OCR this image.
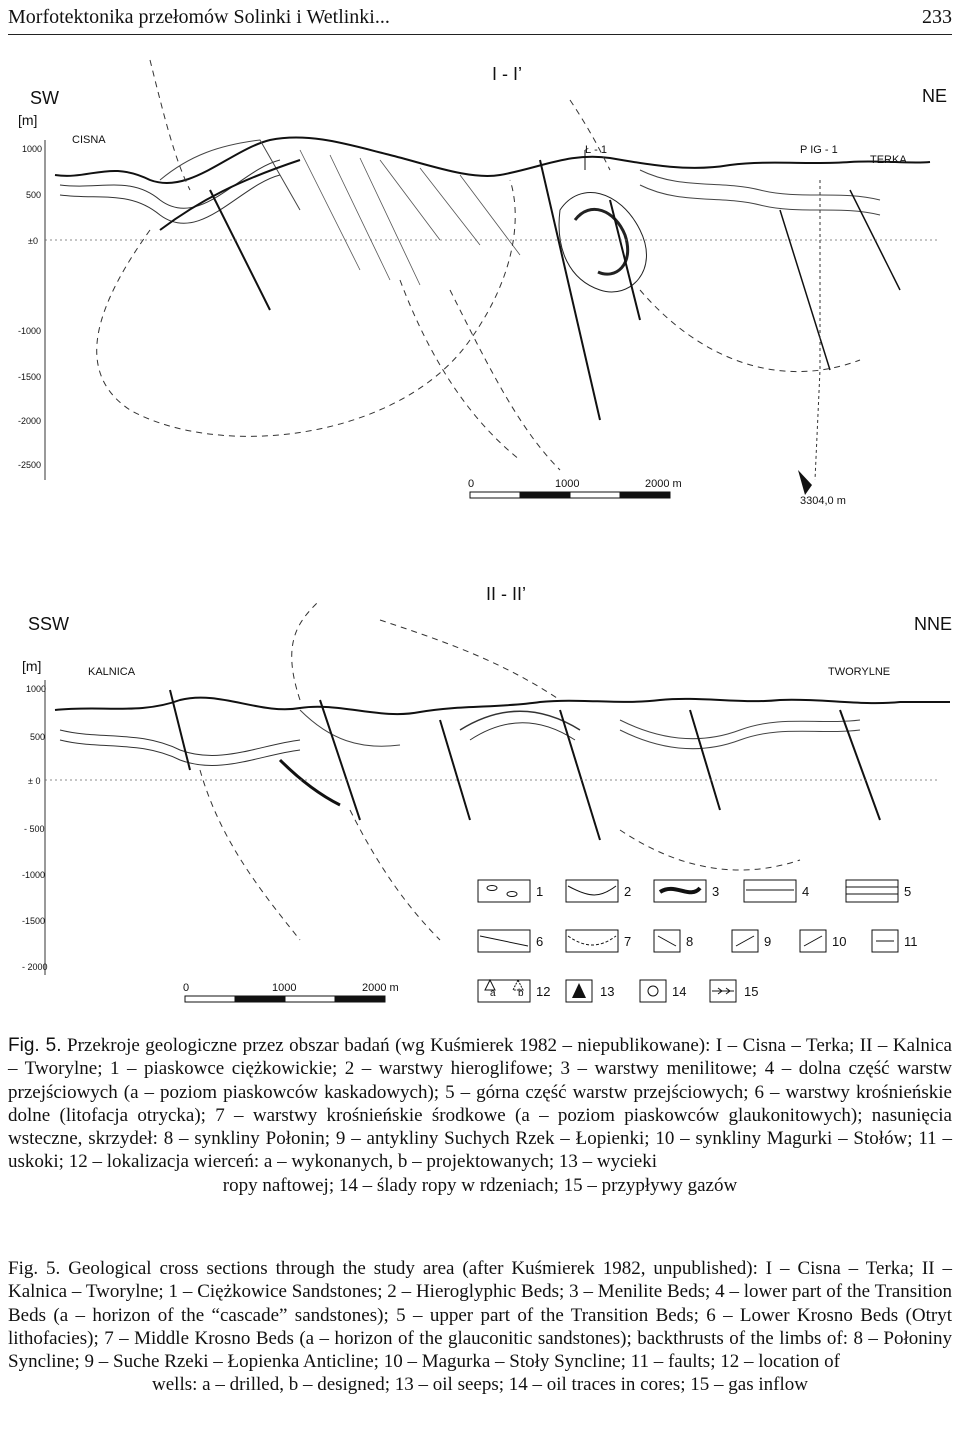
Morfotektonika przełomów Solinki i Wetlinki...	233
SW
I - I’
NE
[m]
CISNA
TERKA
Ł - 1	P IG - 1
3304,0 m
1000
500
±0
-1000
-1500
-2000
-2500
0	1000	2000 m
SSW
II - II’
NNE
[m]	KALNICA	TWORYLNE
1000
500
± 0
- 500
-1000
-1500
- 2000
0	1000	2000 m
1	2	3	4	5
6	7	8	9	10	11
12	13	14	15
a b
Fig. 5. Przekroje geologiczne przez obszar badań (wg Kuśmierek 1982 – niepublikowane): I – Cisna – Terka; II – Kalnica – Tworylne; 1 – piaskowce ciężkowickie; 2 – warstwy hieroglifowe; 3 – warstwy menilitowe; 4 – dolna część warstw przejściowych (a – poziom piaskowców kaskadowych); 5 – górna część warstw przejściowych; 6 – warstwy krośnieńskie dolne (litofacja otrycka); 7 – warstwy krośnieńskie środkowe (a – poziom piaskowców glaukonitowych); nasunięcia wsteczne, skrzydeł: 8 – synkliny Połonin; 9 – antykliny Suchych Rzek – Łopienki; 10 – synkliny Magurki – Stołów; 11 – uskoki; 12 – lokalizacja wierceń: a – wykonanych, b – projektowanych; 13 – wycieki
ropy naftowej; 14 – ślady ropy w rdzeniach; 15 – przypływy gazów
Fig. 5. Geological cross sections through the study area (after Kuśmierek 1982, unpublished): I – Cisna – Terka; II – Kalnica – Tworylne; 1 – Ciężkowice Sandstones; 2 – Hieroglyphic Beds; 3 – Menilite Beds; 4 – lower part of the Transition Beds (a – horizon of the “cascade” sandstones); 5 – upper part of the Transition Beds; 6 – Lower Krosno Beds (Otryt lithofacies); 7 – Middle Krosno Beds (a – horizon of the glauconitic sandstones); backthrusts of the limbs of: 8 – Połoniny Syncline; 9 – Suche Rzeki – Łopienka Anticline; 10 – Magurka – Stoły Syncline; 11 – faults; 12 – location of
wells: a – drilled, b – designed; 13 – oil seeps; 14 – oil traces in cores; 15 – gas inflow
